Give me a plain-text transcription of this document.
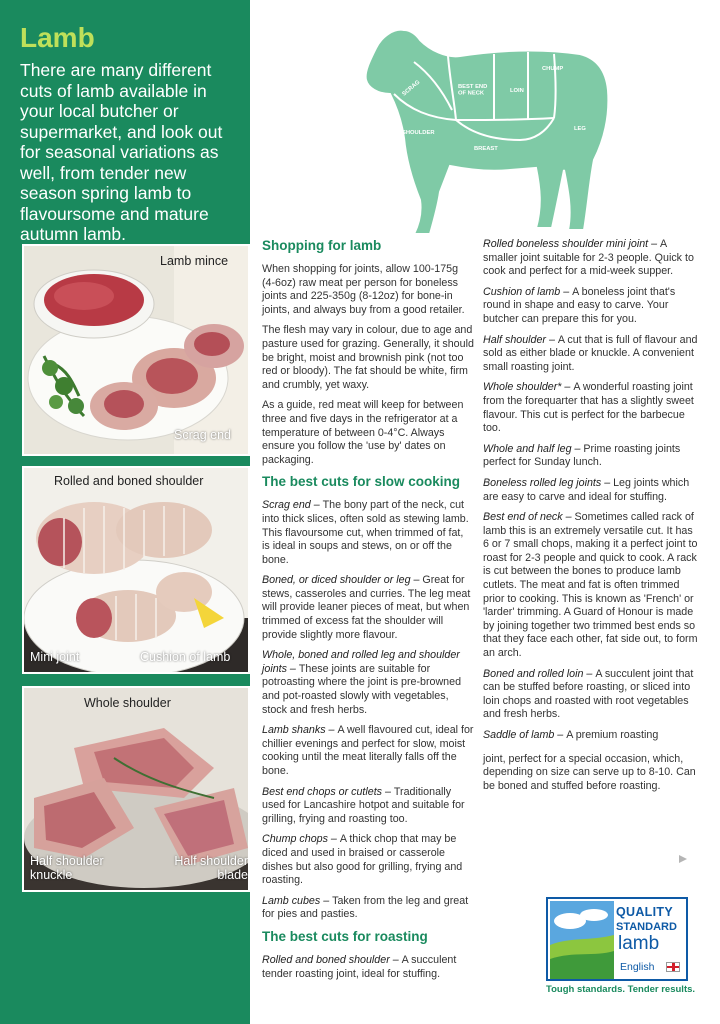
Lamb
There are many different cuts of lamb available in your local butcher or supermarket, and look out for seasonal variations as well, from tender new season spring lamb to flavoursome and mature autumn lamb.
Lamb mince
Scrag end
Rolled and boned shoulder
Mini joint	Cushion of lamb
Whole shoulder
Half shoulder knuckle
Half shoulder blade
SCRAG	BEST END OF NECK	LOIN
CHUMP
SHOULDER
LEG
BREAST
Shopping for lamb

When shopping for joints, allow 100-175g (4-6oz) raw meat per person for boneless joints and 225-350g (8-12oz) for bone-in joints, and always buy from a good retailer.

The flesh may vary in colour, due to age and pasture used for grazing. Generally, it should be bright, moist and brownish pink (not too red or bloody). The fat should be white, firm and crumbly, yet waxy.

As a guide, red meat will keep for between three and five days in the refrigerator at a temperature of between 0-4°C. Always ensure you follow the 'use by' dates on packaging.

The best cuts for slow cooking

Scrag end – The bony part of the neck, cut into thick slices, often sold as stewing lamb. This flavoursome cut, when trimmed of fat, is ideal in soups and stews, on or off the bone.

Boned, or diced shoulder or leg – Great for stews, casseroles and curries. The leg meat will provide leaner pieces of meat, but when trimmed of excess fat the shoulder will provide slightly more flavour.

Whole, boned and rolled leg and shoulder joints – These joints are suitable for potroasting where the joint is pre-browned and pot-roasted slowly with vegetables, stock and fresh herbs.

Lamb shanks – A well flavoured cut, ideal for chillier evenings and perfect for slow, moist cooking until the meat literally falls off the bone.

Best end chops or cutlets – Traditionally used for Lancashire hotpot and suitable for grilling, frying and roasting too.

Chump chops – A thick chop that may be diced and used in braised or casserole dishes but also good for grilling, frying and roasting.

Lamb cubes – Taken from the leg and great for pies and pasties.

The best cuts for roasting

Rolled and boned shoulder – A succulent tender roasting joint, ideal for stuffing.

Rolled boneless shoulder mini joint – A smaller joint suitable for 2-3 people. Quick to cook and perfect for a mid-week supper.

Cushion of lamb – A boneless joint that's round in shape and easy to carve. Your butcher can prepare this for you.

Half shoulder – A cut that is full of flavour and sold as either blade or knuckle. A convenient small roasting joint.

Whole shoulder* – A wonderful roasting joint from the forequarter that has a slightly sweet flavour. This cut is perfect for the barbecue too.

Whole and half leg – Prime roasting joints perfect for Sunday lunch.

Boneless rolled leg joints – Leg joints which are easy to carve and ideal for stuffing.

Best end of neck – Sometimes called rack of lamb this is an extremely versatile cut. It has 6 or 7 small chops, making it a perfect joint to roast for 2-3 people and quick to cook. A rack is cut between the bones to produce lamb cutlets. The meat and fat is often trimmed prior to cooking. This is known as 'French' or 'larder' trimming. A Guard of Honour is made by joining together two trimmed best ends so that they face each other, fat side out, to form an arch.

Boned and rolled loin – A succulent joint that can be stuffed before roasting, or sliced into loin chops and roasted with root vegetables and fresh herbs.

Saddle of lamb – A premium roasting

joint, perfect for a special occasion, which, depending on size can serve up to 8-10. Can be boned and stuffed before roasting.

QUALITY
STANDARD
lamb
English
Tough standards. Tender results.
